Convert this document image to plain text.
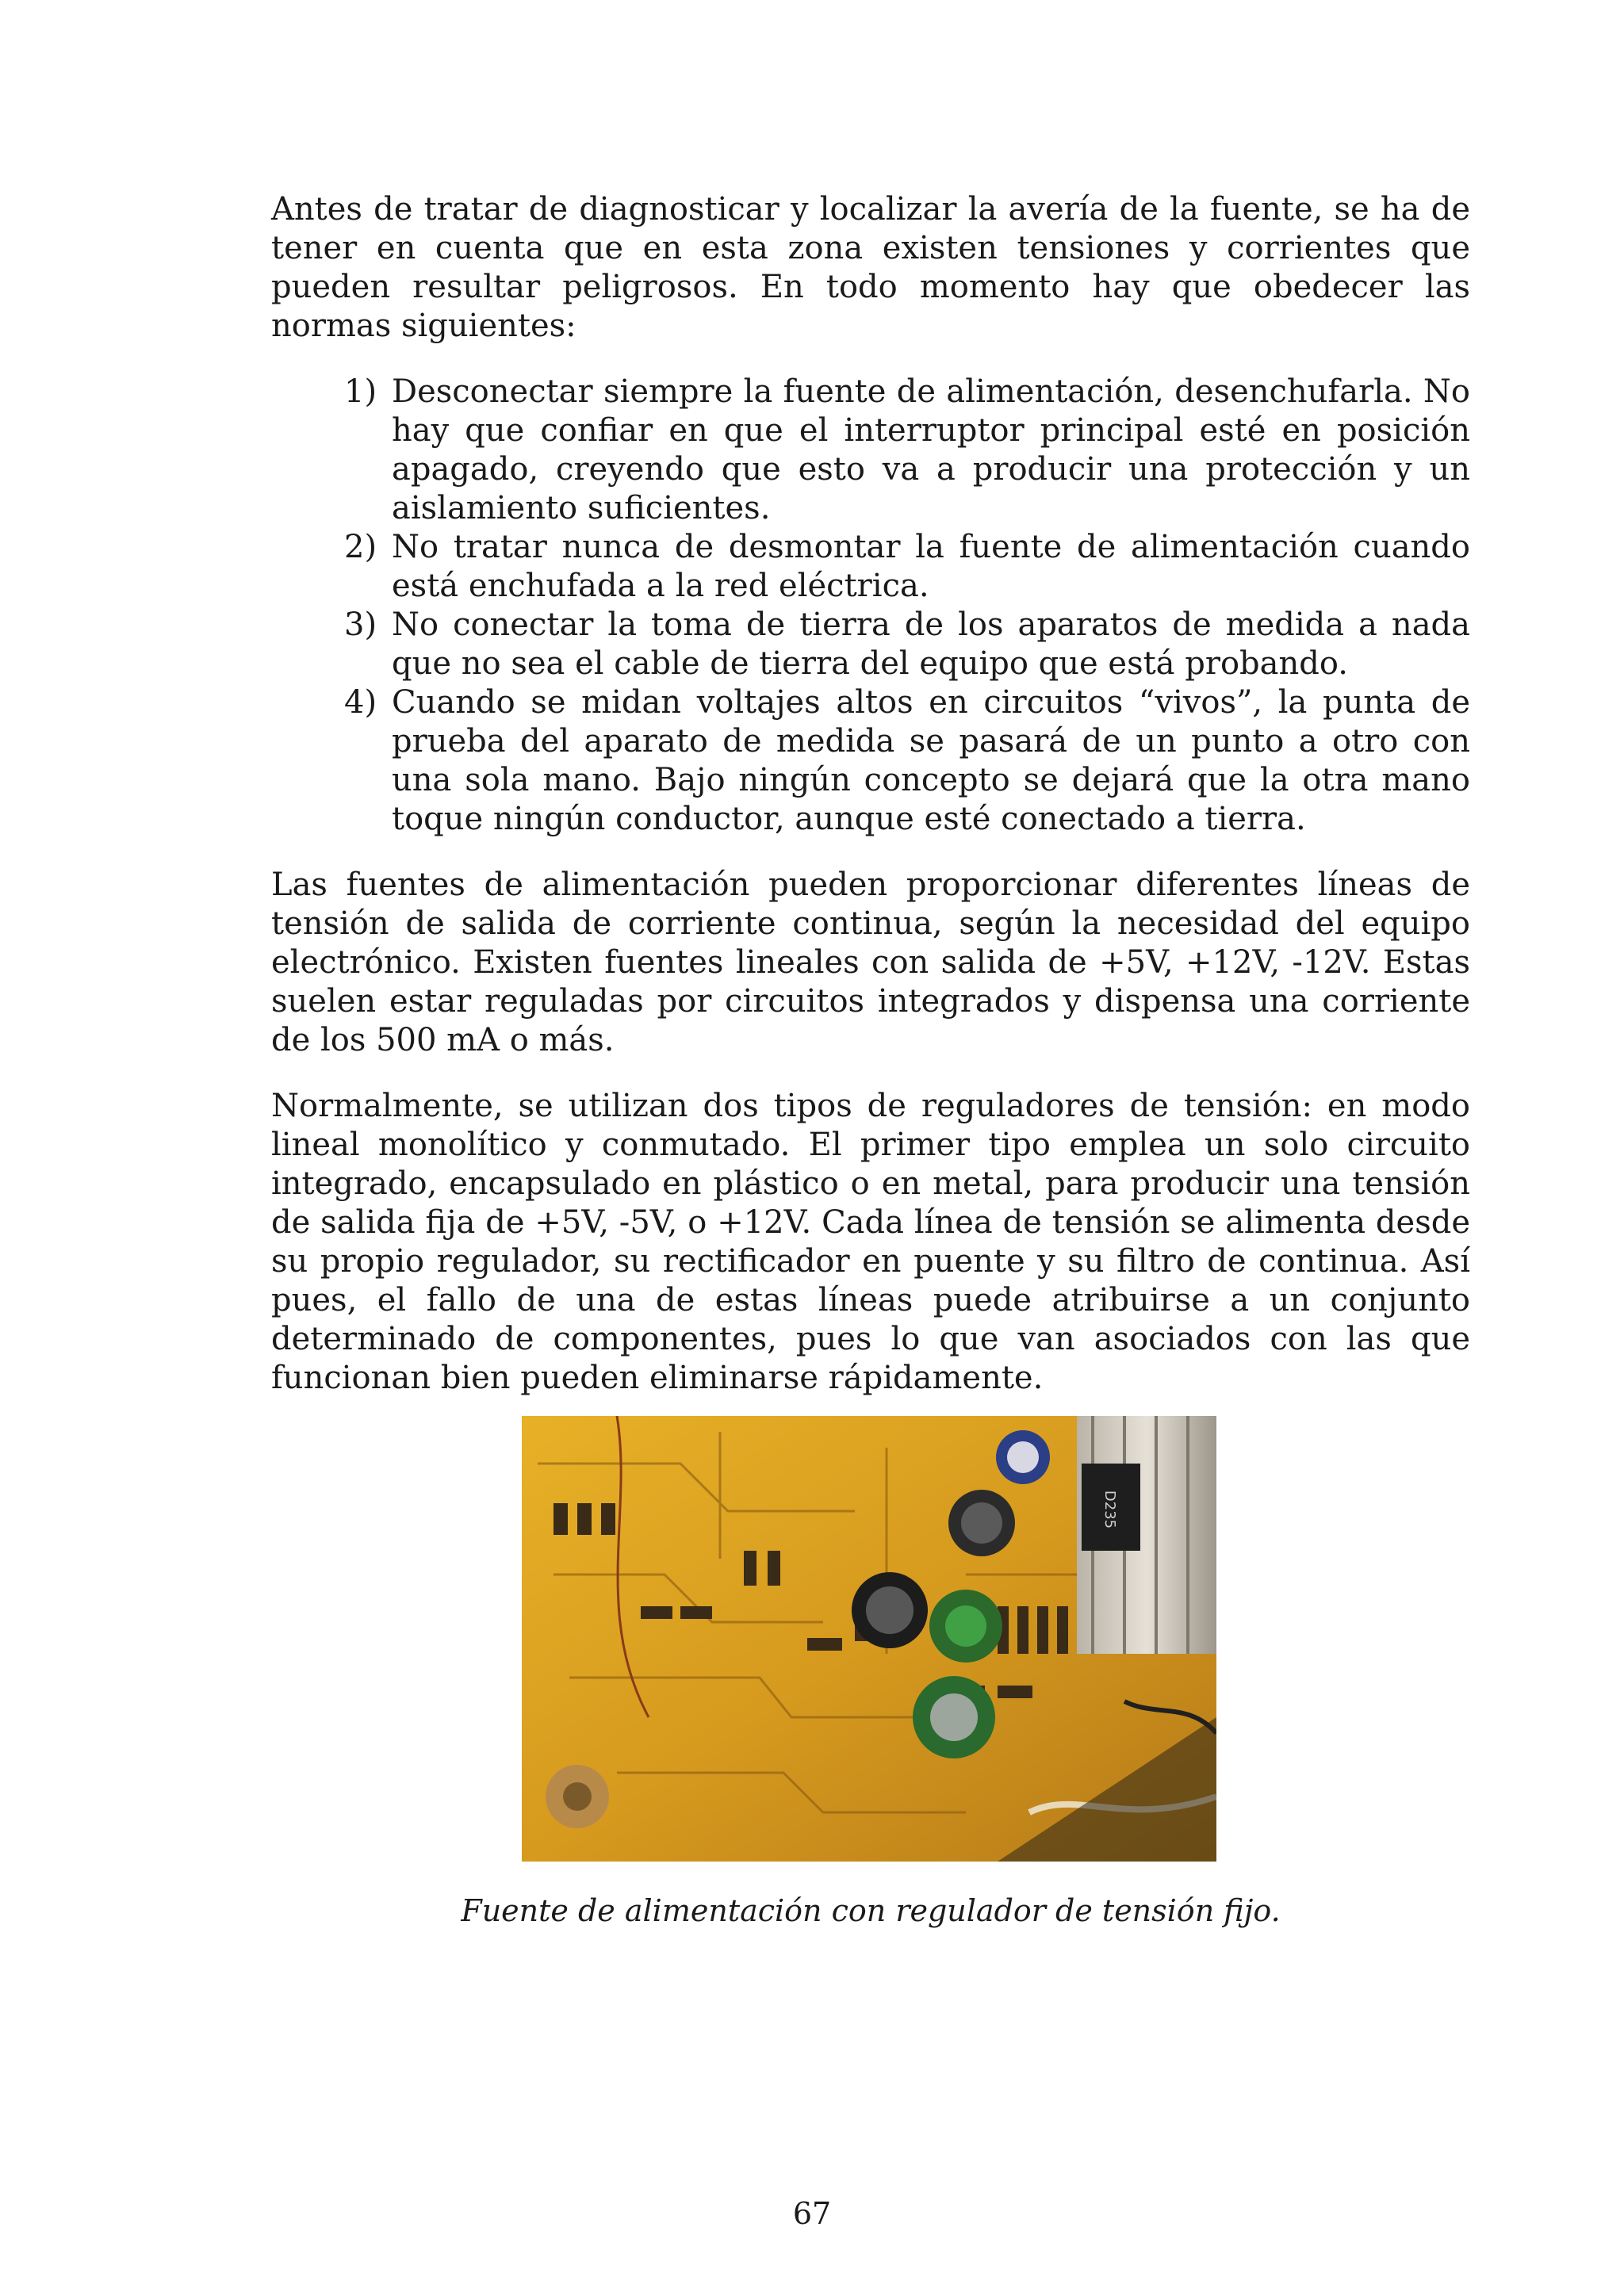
Antes de tratar de diagnosticar y localizar la avería de la fuente, se ha de tener en cuenta que en esta zona existen tensiones y corrientes que pueden resultar peligrosos. En todo momento hay que obedecer las normas siguientes:

1) Desconectar siempre la fuente de alimentación, desenchufarla. No hay que confiar en que el interruptor principal esté en posición apagado, creyendo que esto va a producir una protección y un aislamiento suficientes.
2) No tratar nunca de desmontar la fuente de alimentación cuando está enchufada a la red eléctrica.
3) No conectar la toma de tierra de los aparatos de medida a nada que no sea el cable de tierra del equipo que está probando.
4) Cuando se midan voltajes altos en circuitos “vivos”, la punta de prueba del aparato de medida se pasará de un punto a otro con una sola mano. Bajo ningún concepto se dejará que la otra mano toque ningún conductor, aunque esté conectado a tierra.

Las fuentes de alimentación pueden proporcionar diferentes líneas de tensión de salida de corriente continua, según la necesidad del equipo electrónico. Existen fuentes lineales con salida de +5V, +12V, -12V. Estas suelen estar reguladas por circuitos integrados y dispensa una corriente de los 500 mA o más.

Normalmente, se utilizan dos tipos de reguladores de tensión: en modo lineal monolítico y conmutado. El primer tipo emplea un solo circuito integrado, encapsulado en plástico o en metal, para producir una tensión de salida fija de +5V, -5V, o +12V. Cada línea de tensión se alimenta desde su propio regulador, su rectificador en puente y su filtro de continua. Así pues, el fallo de una de estas líneas puede atribuirse a un conjunto determinado de componentes, pues lo que van asociados con las que funcionan bien pueden eliminarse rápidamente.

D235
Fuente de alimentación con regulador de tensión fijo.
67
